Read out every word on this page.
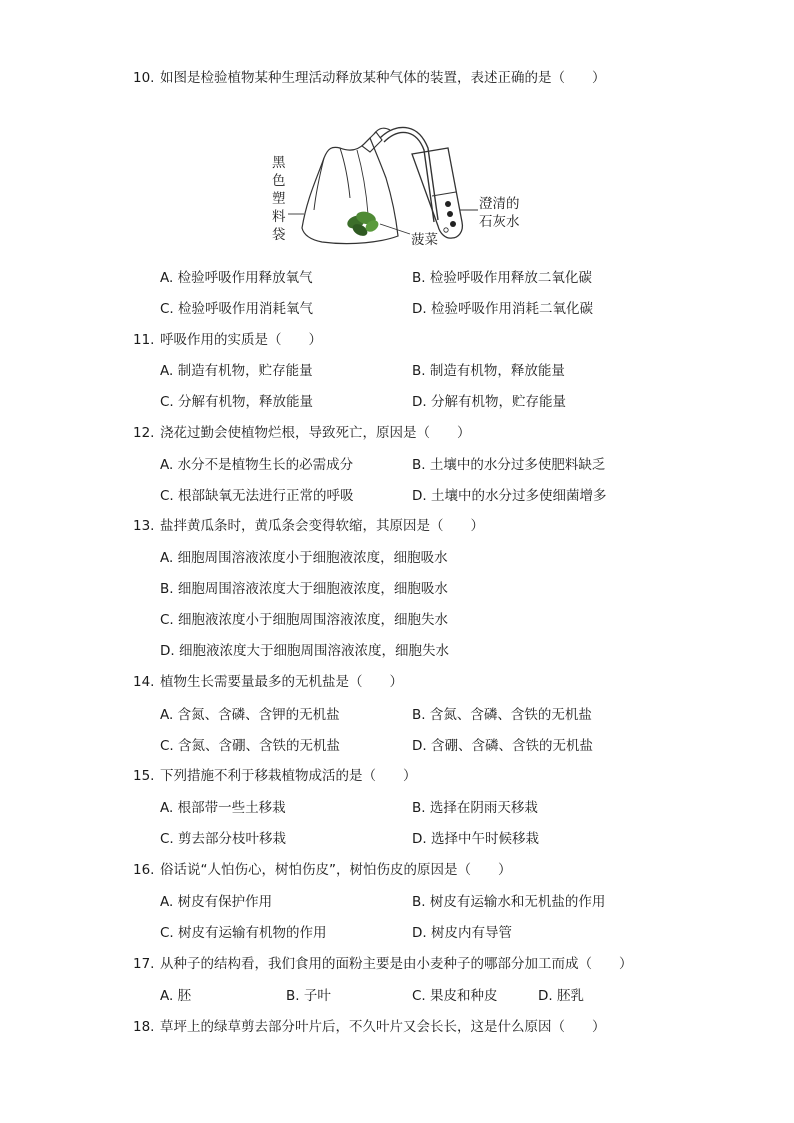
10. 如图是检验植物某种生理活动释放某种气体的装置，表述正确的是（　　）
黑
色
塑
料
袋
澄清的
石灰水
菠菜
A. 检验呼吸作用释放氧气	B. 检验呼吸作用释放二氧化碳
C. 检验呼吸作用消耗氧气	D. 检验呼吸作用消耗二氧化碳
11. 呼吸作用的实质是（　　）
A. 制造有机物，贮存能量	B. 制造有机物，释放能量
C. 分解有机物，释放能量	D. 分解有机物，贮存能量
12. 浇花过勤会使植物烂根，导致死亡，原因是（　　）
A. 水分不是植物生长的必需成分	B. 土壤中的水分过多使肥料缺乏
C. 根部缺氧无法进行正常的呼吸	D. 土壤中的水分过多使细菌增多
13. 盐拌黄瓜条时，黄瓜条会变得软缩，其原因是（　　）
A. 细胞周围溶液浓度小于细胞液浓度，细胞吸水
B. 细胞周围溶液浓度大于细胞液浓度，细胞吸水
C. 细胞液浓度小于细胞周围溶液浓度，细胞失水
D. 细胞液浓度大于细胞周围溶液浓度，细胞失水
14. 植物生长需要量最多的无机盐是（　　）
A. 含氮、含磷、含钾的无机盐	B. 含氮、含磷、含铁的无机盐
C. 含氮、含硼、含铁的无机盐	D. 含硼、含磷、含铁的无机盐
15. 下列措施不利于移栽植物成活的是（　　）
A. 根部带一些土移栽	B. 选择在阴雨天移栽
C. 剪去部分枝叶移栽	D. 选择中午时候移栽
16. 俗话说“人怕伤心，树怕伤皮”，树怕伤皮的原因是（　　）
A. 树皮有保护作用	B. 树皮有运输水和无机盐的作用
C. 树皮有运输有机物的作用	D. 树皮内有导管
17. 从种子的结构看，我们食用的面粉主要是由小麦种子的哪部分加工而成（　　）
A. 胚	B. 子叶	C. 果皮和种皮	D. 胚乳
18. 草坪上的绿草剪去部分叶片后，不久叶片又会长长，这是什么原因（　　）
